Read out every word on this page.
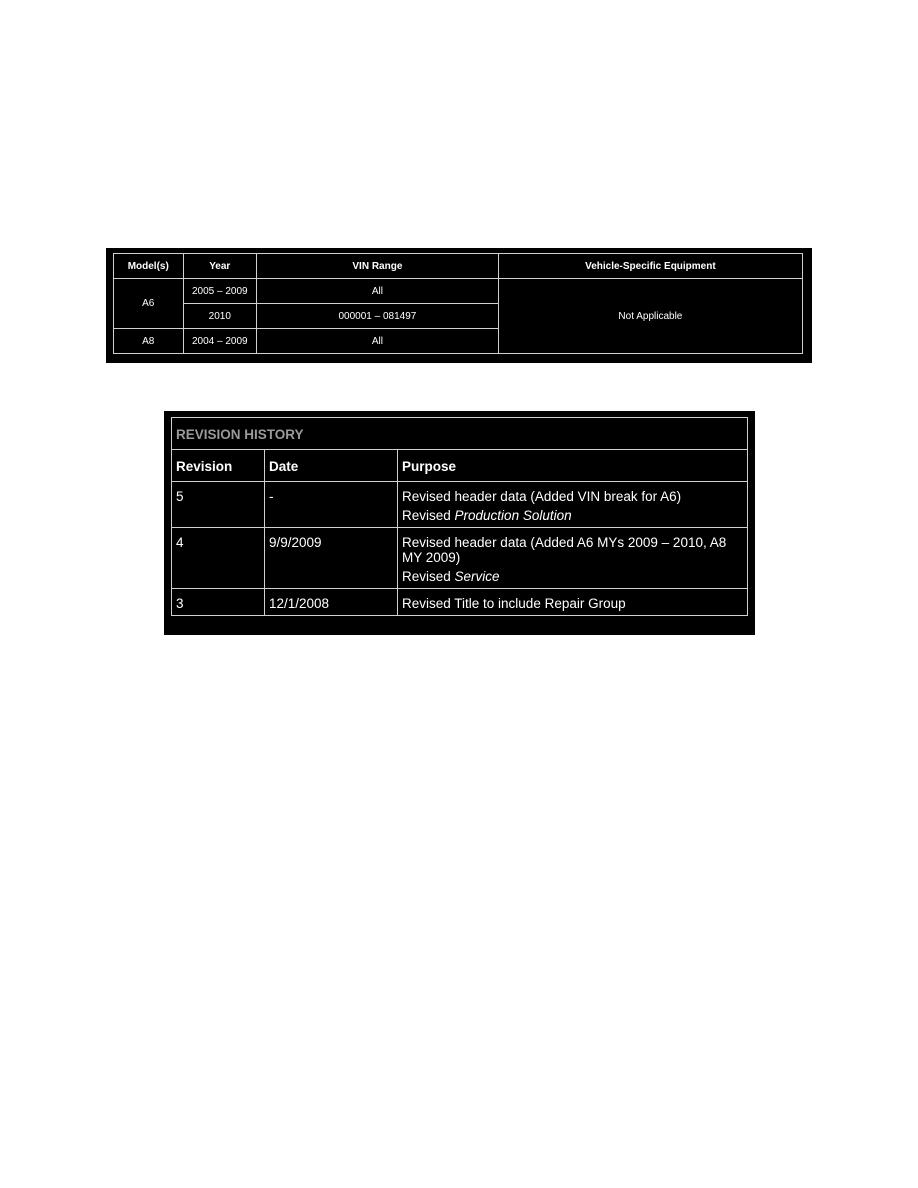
Model(s)	Year	VIN Range	Vehicle-Specific Equipment
A6	2005 – 2009	All	Not Applicable
	2010	000001 – 081497	
A8	2004 – 2009	All	
REVISION HISTORY		
Revision	Date	Purpose
5	-	Revised header data (Added VIN break for A6)

Revised Production Solution

4	9/9/2009	Revised header data (Added A6 MYs 2009 – 2010, A8 MY 2009)

Revised Service

3	12/1/2008	Revised Title to include Repair Group
